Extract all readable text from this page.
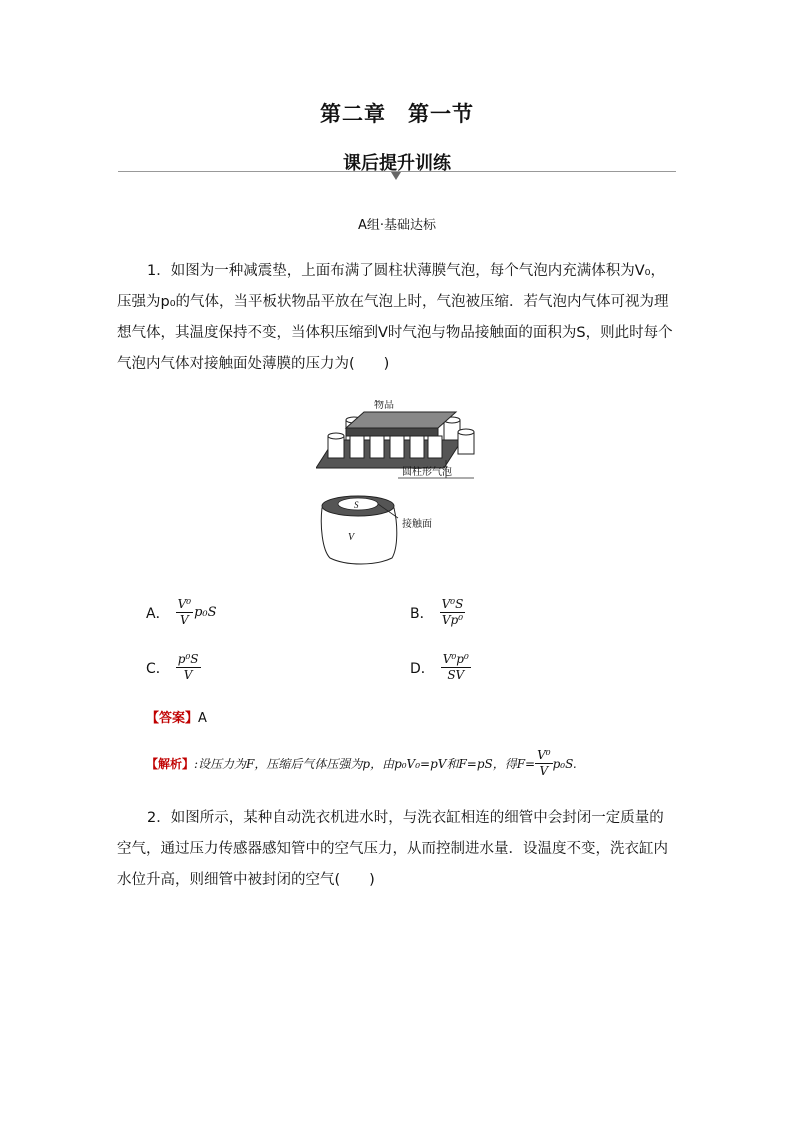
第二章　第一节
课后提升训练
A组·基础达标
1．如图为一种减震垫，上面布满了圆柱状薄膜气泡，每个气泡内充满体积为V₀，压强为p₀的气体，当平板状物品平放在气泡上时，气泡被压缩．若气泡内气体可视为理想气体，其温度保持不变，当体积压缩到V时气泡与物品接触面的面积为S，则此时每个气泡内气体对接触面处薄膜的压力为(　　)
物品
圆柱形气泡
S
V
接触面
A． $\frac{\text{V⁰}}{V} p_0S$	B． $\frac{\text{V⁰S}}{\text{Vp⁰}}$
C． $\frac{\text{p⁰S}}{V}$	D． $\frac{\text{V⁰p⁰}}{SV}$
【答案】A
【解析】 :设压力为F，压缩后气体压强为p，由p₀V₀=pV和F=pS，得$F= \frac{\text{V⁰}}{V} p_0S$.
2．如图所示，某种自动洗衣机进水时，与洗衣缸相连的细管中会封闭一定质量的空气，通过压力传感器感知管中的空气压力，从而控制进水量．设温度不变，洗衣缸内水位升高，则细管中被封闭的空气(　　)
